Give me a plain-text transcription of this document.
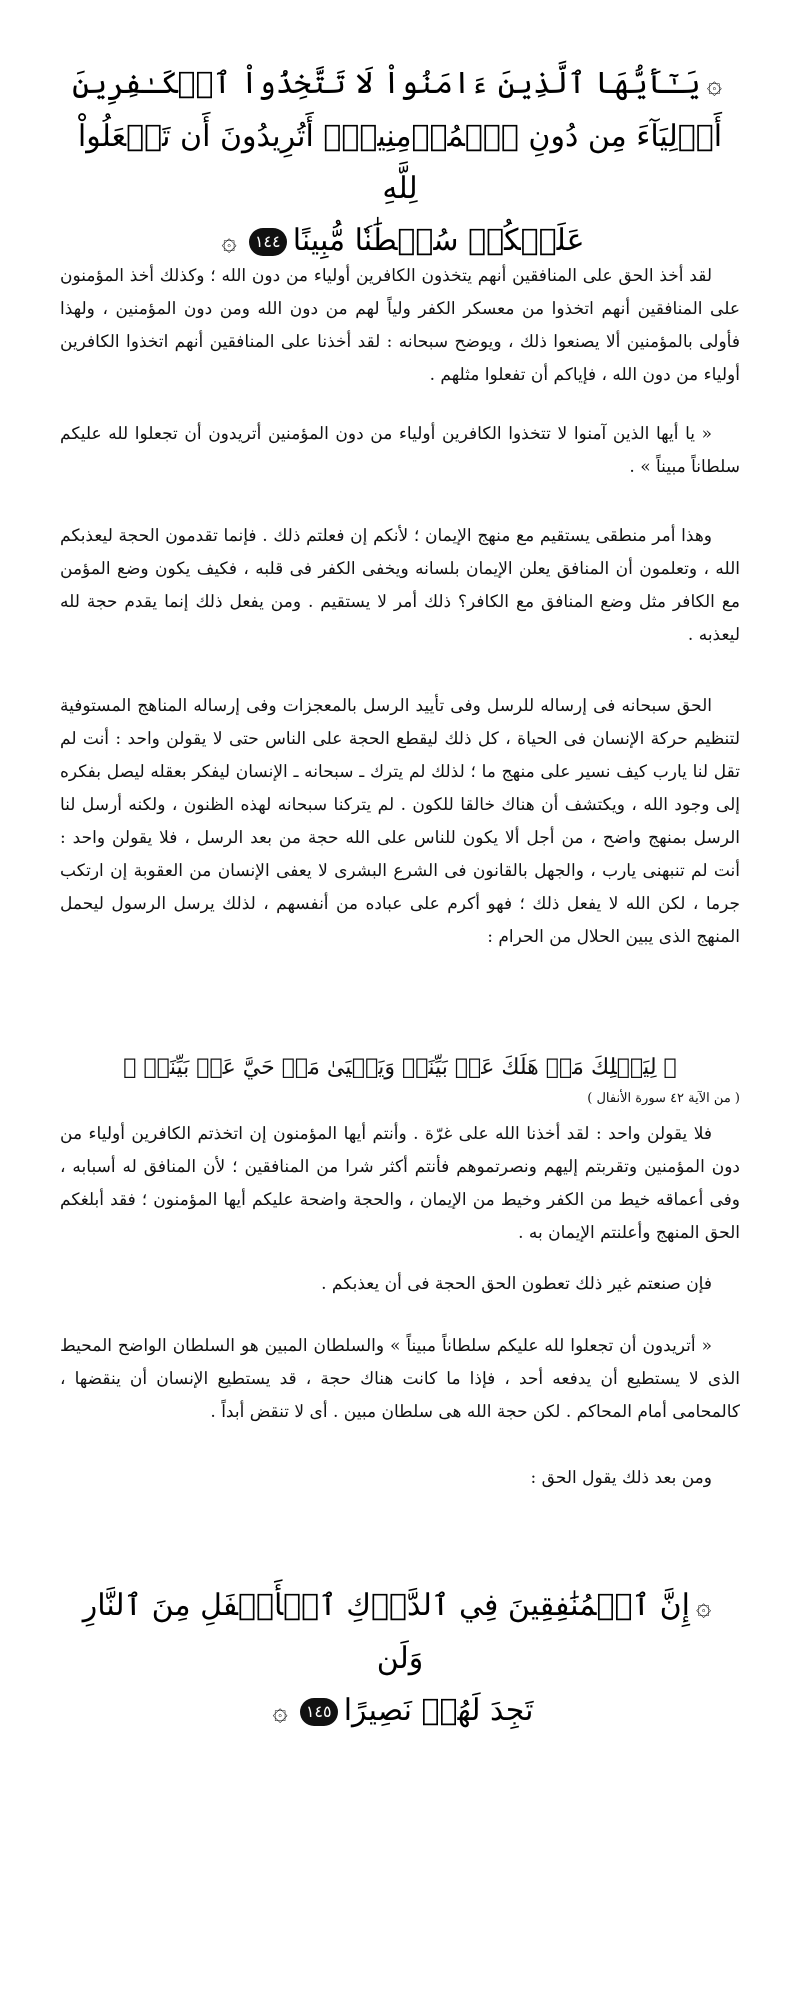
۞يَـٰٓأَيُّهَا ٱلَّذِينَ ءَامَنُواْ لَا تَتَّخِذُواْ ٱلۡكَـٰفِرِينَ
أَوۡلِيَآءَ مِن دُونِ ٱلۡمُؤۡمِنِينَۚ أَتُرِيدُونَ أَن تَجۡعَلُواْ لِلَّهِ
عَلَيۡكُمۡ سُلۡطَٰنٗا مُّبِينًا١٤٤۞

لقد أخذ الحق على المنافقين أنهم يتخذون الكافرين أولياء من دون الله ؛ وكذلك أخذ المؤمنون على المنافقين أنهم اتخذوا من معسكر الكفر ولياً لهم من دون الله ومن دون المؤمنين ، ولهذا فأولى بالمؤمنين ألا يصنعوا ذلك ، ويوضح سبحانه : لقد أخذنا على المنافقين أنهم اتخذوا الكافرين أولياء من دون الله ، فإياكم أن تفعلوا مثلهم .

« يا أيها الذين آمنوا لا تتخذوا الكافرين أولياء من دون المؤمنين أتريدون أن تجعلوا لله عليكم سلطاناً مبيناً » .

وهذا أمر منطقى يستقيم مع منهج الإيمان ؛ لأنكم إن فعلتم ذلك . فإنما تقدمون الحجة ليعذبكم الله ، وتعلمون أن المنافق يعلن الإيمان بلسانه ويخفى الكفر فى قلبه ، فكيف يكون وضع المؤمن مع الكافر مثل وضع المنافق مع الكافر؟ ذلك أمر لا يستقيم . ومن يفعل ذلك إنما يقدم حجة لله ليعذبه .

الحق سبحانه فى إرساله للرسل وفى تأييد الرسل بالمعجزات وفى إرساله المناهج المستوفية لتنظيم حركة الإنسان فى الحياة ، كل ذلك ليقطع الحجة على الناس حتى لا يقولن واحد : أنت لم تقل لنا يارب كيف نسير على منهج ما ؛ لذلك لم يترك ـ سبحانه ـ الإنسان ليفكر بعقله ليصل بفكره إلى وجود الله ، ويكتشف أن هناك خالقا للكون . لم يتركنا سبحانه لهذه الظنون ، ولكنه أرسل لنا الرسل بمنهج واضح ، من أجل ألا يكون للناس على الله حجة من بعد الرسل ، فلا يقولن واحد : أنت لم تنبهنى يارب ، والجهل بالقانون فى الشرع البشرى لا يعفى الإنسان من العقوبة إن ارتكب جرما ، لكن الله لا يفعل ذلك ؛ فهو أكرم على عباده من أنفسهم ، لذلك يرسل الرسول ليحمل المنهج الذى يبين الحلال من الحرام :

﴿ لِيَهۡلِكَ مَنۡ هَلَكَ عَنۢ بَيِّنَةٖ وَيَحۡيَىٰ مَنۡ حَيَّ عَنۢ بَيِّنَةٖ ﴾
( من الآية ٤٢ سورة الأنفال )

فلا يقولن واحد : لقد أخذنا الله على غرّة . وأنتم أيها المؤمنون إن اتخذتم الكافرين أولياء من دون المؤمنين وتقربتم إليهم ونصرتموهم فأنتم أكثر شرا من المنافقين ؛ لأن المنافق له أسبابه ، وفى أعماقه خيط من الكفر وخيط من الإيمان ، والحجة واضحة عليكم أيها المؤمنون ؛ فقد أبلغكم الحق المنهج وأعلنتم الإيمان به .

فإن صنعتم غير ذلك تعطون الحق الحجة فى أن يعذبكم .

« أتريدون أن تجعلوا لله عليكم سلطاناً مبيناً » والسلطان المبين هو السلطان الواضح المحيط الذى لا يستطيع أن يدفعه أحد ، فإذا ما كانت هناك حجة ، قد يستطيع الإنسان أن ينقضها ، كالمحامى أمام المحاكم . لكن حجة الله هى سلطان مبين . أى لا تنقض أبداً .

ومن بعد ذلك يقول الحق :

۞إِنَّ ٱلۡمُنَٰفِقِينَ فِي ٱلدَّرۡكِ ٱلۡأَسۡفَلِ مِنَ ٱلنَّارِ وَلَن
تَجِدَ لَهُمۡ نَصِيرًا١٤٥۞
